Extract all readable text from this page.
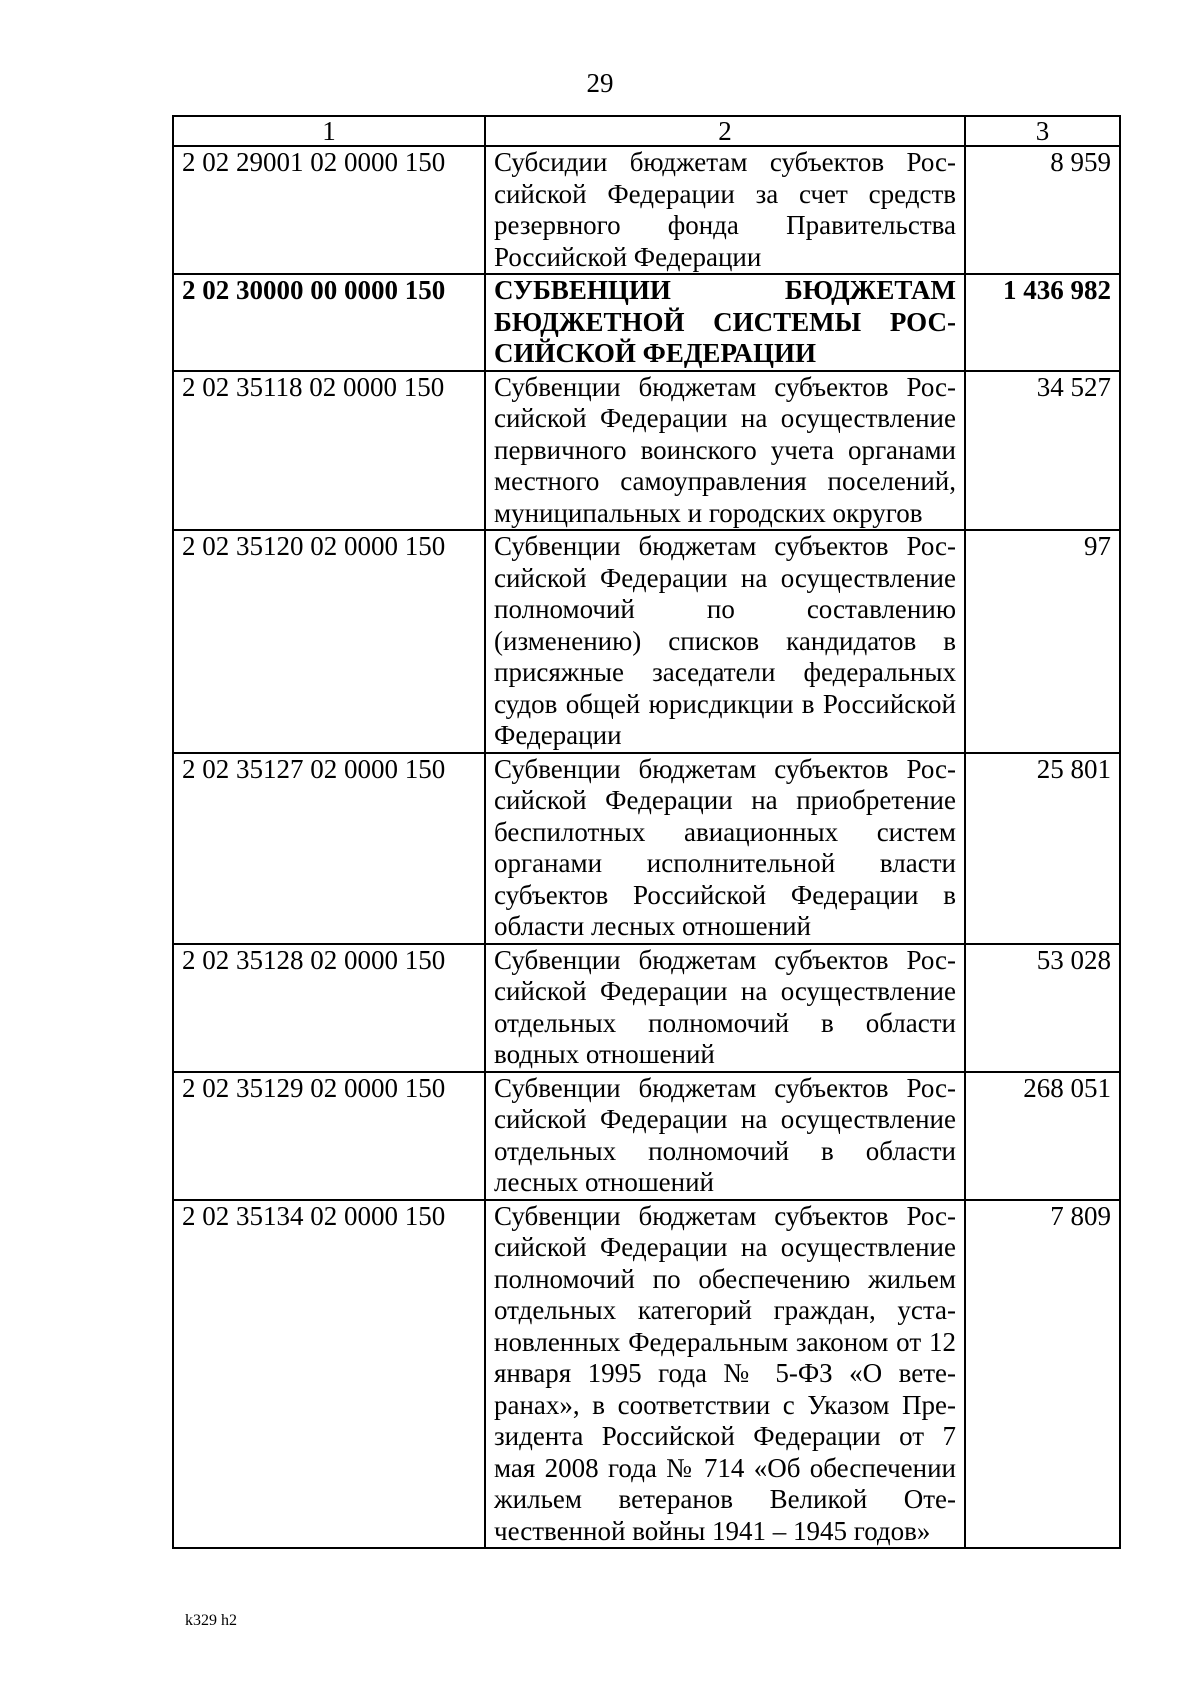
29
1	2	3
2 02 29001 02 0000 150	Субсидии бюджетам субъектов Российской Федерации за счет средств резервного фонда Правительства Российской Федерации	8 959
2 02 30000 00 0000 150	СУБВЕНЦИИ БЮДЖЕТАМ БЮДЖЕТНОЙ СИСТЕМЫ РОССИЙСКОЙ ФЕДЕРАЦИИ	1 436 982
2 02 35118 02 0000 150	Субвенции бюджетам субъектов Российской Федерации на осуществление первичного воинского учета органами местного самоуправления поселений, муниципальных и городских округов	34 527
2 02 35120 02 0000 150	Субвенции бюджетам субъектов Российской Федерации на осуществление полномочий по составлению (изменению) списков кандидатов в присяжные заседатели федеральных судов общей юрисдикции в Российской Федерации	97
2 02 35127 02 0000 150	Субвенции бюджетам субъектов Российской Федерации на приобретение беспилотных авиационных систем органами исполнительной власти субъектов Российской Федерации в области лесных отношений	25 801
2 02 35128 02 0000 150	Субвенции бюджетам субъектов Российской Федерации на осуществление отдельных полномочий в области водных отношений	53 028
2 02 35129 02 0000 150	Субвенции бюджетам субъектов Российской Федерации на осуществление отдельных полномочий в области лесных отношений	268 051
2 02 35134 02 0000 150	Субвенции бюджетам субъектов Российской Федерации на осуществление полномочий по обеспечению жильем отдельных категорий граждан, установленных Федеральным законом от 12 января 1995 года № 5-ФЗ «О ветеранах», в соответствии с Указом Президента Российской Федерации от 7 мая 2008 года № 714 «Об обеспечении жильем ветеранов Великой Отечественной войны 1941 – 1945 годов»	7 809
k329 h2
